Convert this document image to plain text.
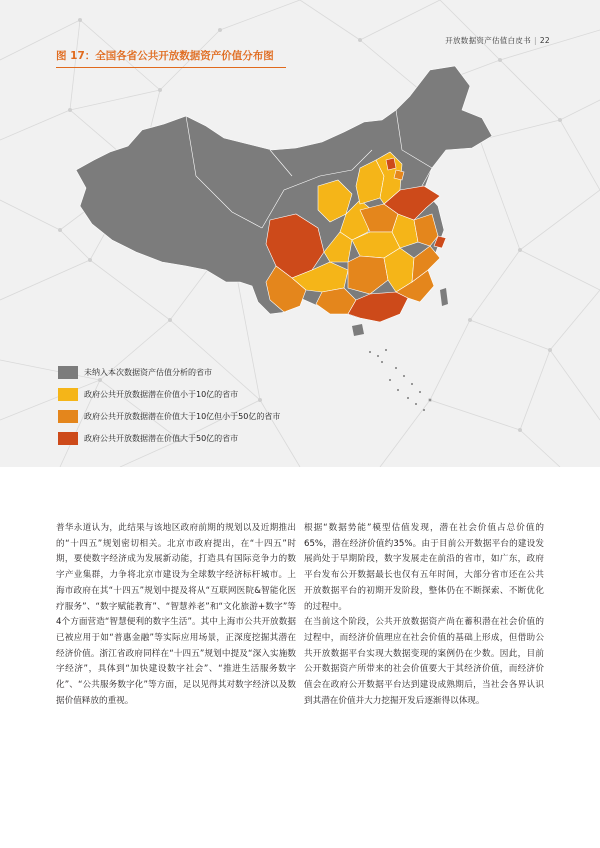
图 17：全国各省公共开放数据资产价值分布图
未纳入本次数据资产估值分析的省市
政府公共开放数据潜在价值小于10亿的省市
政府公共开放数据潜在价值大于10亿但小于50亿的省市
政府公共开放数据潜在价值大于50亿的省市
开放数据资产估值白皮书 | 22

普华永道认为，此结果与该地区政府前期的规划以及近期推出的“十四五”规划密切相关。北京市政府提出，在“十四五”时期，要使数字经济成为发展新动能，打造具有国际竞争力的数字产业集群，力争将北京市建设为全球数字经济标杆城市。上海市政府在其“十四五”规划中提及将从“互联网医院&智能化医疗服务”、“数字赋能教育”、“智慧养老”和“文化旅游+数字”等4个方面营造“智慧便利的数字生活”。其中上海市公共开放数据已被应用于如“普惠金融”等实际应用场景，正深度挖掘其潜在经济价值。浙江省政府同样在“十四五”规划中提及“深入实施数字经济”，具体到“加快建设数字社会”、“推进生活服务数字化”、“公共服务数字化”等方面，足以见得其对数字经济以及数据价值释放的重视。

根据“数据势能”模型估值发现，潜在社会价值占总价值的65%，潜在经济价值约35%。由于目前公开数据平台的建设发展尚处于早期阶段，数字发展走在前沿的省市，如广东，政府平台发布公开数据最长也仅有五年时间，大部分省市还在公共开放数据平台的初期开发阶段，整体仍在不断探索、不断优化的过程中。

在当前这个阶段，公共开放数据资产尚在蓄积潜在社会价值的过程中，而经济价值理应在社会价值的基础上形成，但借助公共开放数据平台实现大数据变现的案例仍在少数。因此，目前公开数据资产所带来的社会价值要大于其经济价值，而经济价值会在政府公开数据平台达到建设成熟期后，当社会各界认识到其潜在价值并大力挖掘开发后逐渐得以体现。
